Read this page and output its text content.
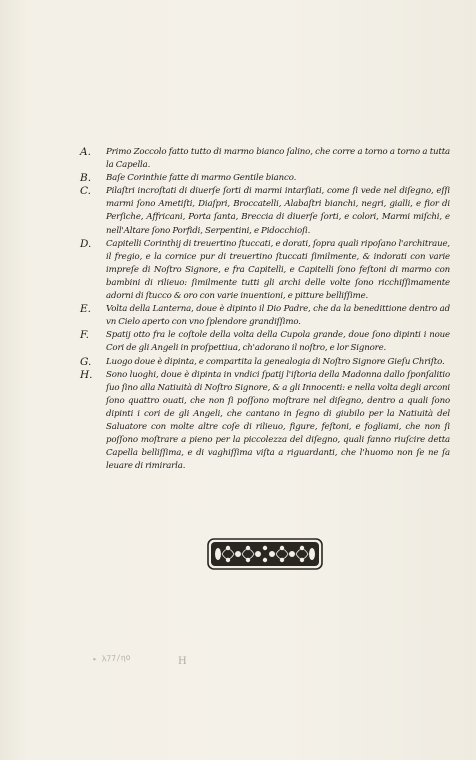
A.	Primo Zoccolo fatto tutto di marmo bianco ſalino, che corre a torno a torno a tutta la Capella.
B.	Baſe Corinthie fatte di marmo Gentile bianco.
C.	Pilaſtri incroſtati di diuerſe ſorti di marmi intarſiati, come ſi vede nel diſegno, eſſi marmi ſono Ametiſti, Diaſpri, Broccatelli, Alabaſtri bianchi, negri, gialli, e fior di Perſiche, Affricani, Porta ſanta, Breccia di diuerſe ſorti, e colori, Marmi miſchi, e nell'Altare ſono Porfidi, Serpentini, e Pidocchioſi.
D.	Capitelli Corinthij di treuertino ſtuccati, e dorati, ſopra quali ripoſano l'architraue, il fregio, e la cornice pur di treuertino ſtuccati ſimilmente, & indorati con varie impreſe di Noſtro Signore, e fra Capitelli, e Capitelli ſono feſtoni di marmo con bambini di rilieuo: ſimilmente tutti gli archi delle volte ſono ricchiſſimamente adorni di ſtucco & oro con varie inuentioni, e pitture belliſſime.
E.	Volta della Lanterna, doue è dipinto il Dio Padre, che da la benedittione dentro ad vn Cielo aperto con vno ſplendore grandiſſimo.
F.	Spatij otto fra le coſtole della volta della Cupola grande, doue ſono dipinti i noue Cori de gli Angeli in proſpettiua, ch'adorano il noſtro, e lor Signore.
G.	Luogo doue è dipinta, e compartita la genealogia di Noſtro Signore Gieſu Chriſto.
H.	Sono luoghi, doue è dipinta in vndici ſpatij l'iſtoria della Madonna dallo ſponſalitio ſuo ſino alla Natiuità di Noſtro Signore, & a gli Innocenti: e nella volta degli arconi ſono quattro ouati, che non ſi poſſono moſtrare nel diſegno, dentro a quali ſono dipinti i cori de gli Angeli, che cantano in ſegno di giubilo per la Natiuità del Saluatore con molte altre coſe di rilieuo, figure, feſtoni, e fogliami, che non ſi poſſono moſtrare a pieno per la piccolezza del diſegno, quali fanno riuſcire detta Capella belliſſima, e di vaghiſſima viſta a riguardanti, che l'huomo non ſe ne ſa leuare di rimirarla.
• λ77/ηο	H
